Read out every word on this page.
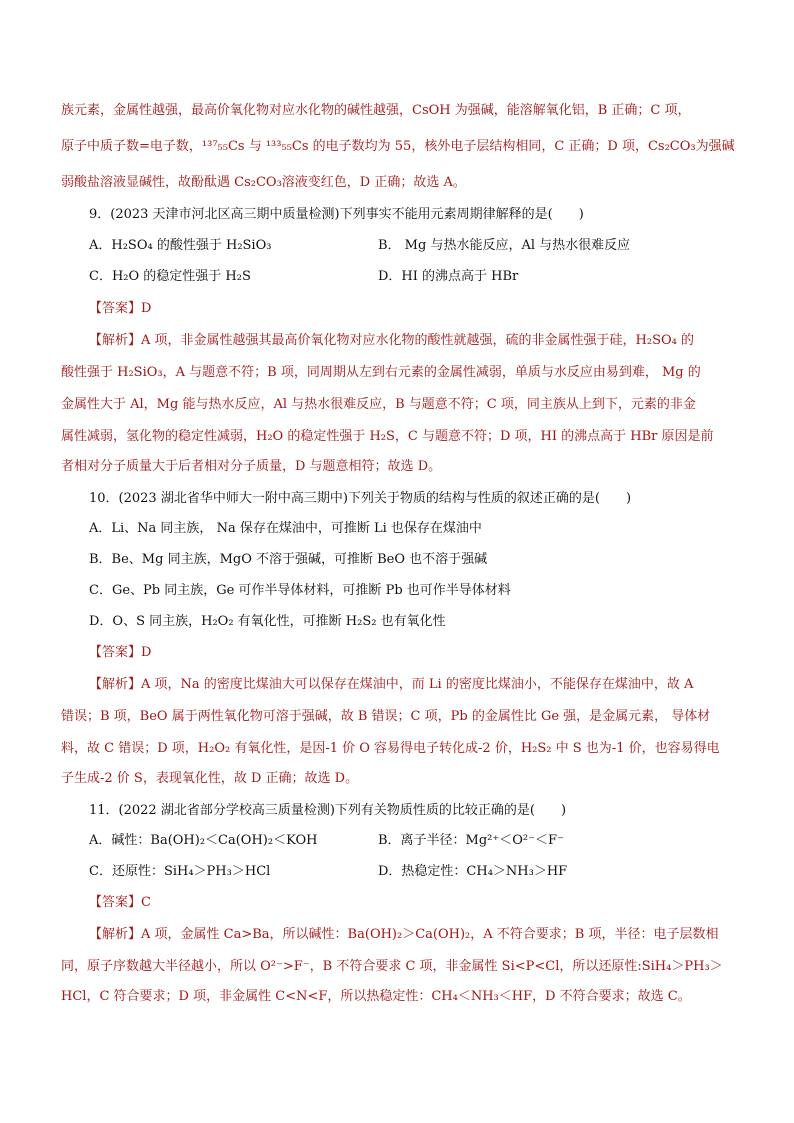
族元素，金属性越强，最高价氧化物对应水化物的碱性越强，CsOH 为强碱，能溶解氧化铝，B 正确；C 项，
原子中质子数=电子数，¹³⁷₅₅Cs 与 ¹³³₅₅Cs 的电子数均为 55，核外电子层结构相同，C 正确；D 项，Cs₂CO₃为强碱
弱酸盐溶液显碱性，故酚酞遇 Cs₂CO₃溶液变红色，D 正确；故选 A。
9．(2023 天津市河北区高三期中质量检测)下列事实不能用元素周期律解释的是(　　)
A．H₂SO₄ 的酸性强于 H₂SiO₃	B． Mg 与热水能反应，Al 与热水很难反应
C．H₂O 的稳定性强于 H₂S	D．HI 的沸点高于 HBr
【答案】D
【解析】A 项，非金属性越强其最高价氧化物对应水化物的酸性就越强，硫的非金属性强于硅，H₂SO₄ 的
酸性强于 H₂SiO₃，A 与题意不符；B 项，同周期从左到右元素的金属性减弱，单质与水反应由易到难， Mg 的
金属性大于 Al，Mg 能与热水反应，Al 与热水很难反应，B 与题意不符；C 项，同主族从上到下，元素的非金
属性减弱，氢化物的稳定性减弱，H₂O 的稳定性强于 H₂S，C 与题意不符；D 项，HI 的沸点高于 HBr 原因是前
者相对分子质量大于后者相对分子质量，D 与题意相符；故选 D。
10．(2023 湖北省华中师大一附中高三期中)下列关于物质的结构与性质的叙述正确的是(　　)
A．Li、Na 同主族， Na 保存在煤油中，可推断 Li 也保存在煤油中
B．Be、Mg 同主族，MgO 不溶于强碱，可推断 BeO 也不溶于强碱
C．Ge、Pb 同主族，Ge 可作半导体材料，可推断 Pb 也可作半导体材料
D．O、S 同主族，H₂O₂ 有氧化性，可推断 H₂S₂ 也有氧化性
【答案】D
【解析】A 项，Na 的密度比煤油大可以保存在煤油中，而 Li 的密度比煤油小，不能保存在煤油中，故 A
错误；B 项，BeO 属于两性氧化物可溶于强碱，故 B 错误；C 项，Pb 的金属性比 Ge 强，是金属元素， 导体材
料，故 C 错误；D 项，H₂O₂ 有氧化性，是因-1 价 O 容易得电子转化成-2 价，H₂S₂ 中 S 也为-1 价，也容易得电
子生成-2 价 S，表现氧化性，故 D 正确；故选 D。
11．(2022 湖北省部分学校高三质量检测)下列有关物质性质的比较正确的是(　　)
A．碱性：Ba(OH)₂＜Ca(OH)₂＜KOH	B．离子半径：Mg²⁺＜O²⁻＜F⁻
C．还原性：SiH₄＞PH₃＞HCl	D．热稳定性：CH₄＞NH₃＞HF
【答案】C
【解析】A 项，金属性 Ca>Ba，所以碱性：Ba(OH)₂＞Ca(OH)₂，A 不符合要求；B 项，半径：电子层数相
同，原子序数越大半径越小，所以 O²⁻>F⁻，B 不符合要求 C 项，非金属性 Si<P<Cl，所以还原性:SiH₄＞PH₃＞
HCl，C 符合要求；D 项，非金属性 C<N<F，所以热稳定性：CH₄＜NH₃＜HF，D 不符合要求；故选 C。
